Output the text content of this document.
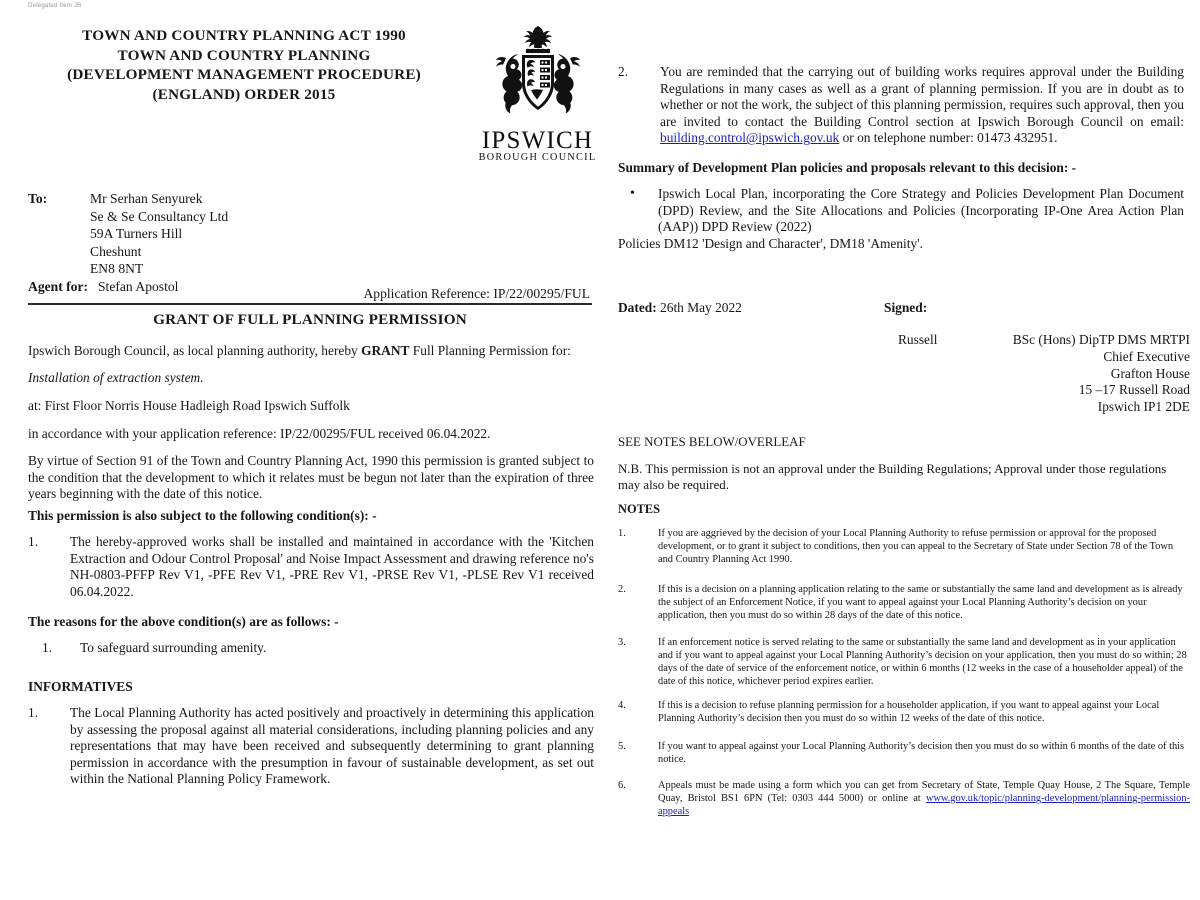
Delegated Item JB
TOWN AND COUNTRY PLANNING ACT 1990
TOWN AND COUNTRY PLANNING
(DEVELOPMENT MANAGEMENT PROCEDURE)
(ENGLAND) ORDER 2015
IPSWICH
BOROUGH COUNCIL
To:	Mr Serhan Senyurek
Se & Se Consultancy Ltd
59A Turners Hill
Cheshunt
EN8 8NT
Agent for: Stefan Apostol	Application Reference: IP/22/00295/FUL
GRANT OF FULL PLANNING PERMISSION
Ipswich Borough Council, as local planning authority, hereby GRANT Full Planning Permission for:
Installation of extraction system.
at: First Floor Norris House Hadleigh Road Ipswich Suffolk
in accordance with your application reference: IP/22/00295/FUL received 06.04.2022.
By virtue of Section 91 of the Town and Country Planning Act, 1990 this permission is granted subject to the condition that the development to which it relates must be begun not later than the expiration of three years beginning with the date of this notice.
This permission is also subject to the following condition(s): -
1.	The hereby-approved works shall be installed and maintained in accordance with the 'Kitchen Extraction and Odour Control Proposal' and Noise Impact Assessment and drawing reference no's NH-0803-PFFP Rev V1, -PFE Rev V1, -PRE Rev V1, -PRSE Rev V1, -PLSE Rev V1 received 06.04.2022.
The reasons for the above condition(s) are as follows: -
1.	To safeguard surrounding amenity.
INFORMATIVES
1.	The Local Planning Authority has acted positively and proactively in determining this application by assessing the proposal against all material considerations, including planning policies and any representations that may have been received and subsequently determining to grant planning permission in accordance with the presumption in favour of sustainable development, as set out within the National Planning Policy Framework.
2.	You are reminded that the carrying out of building works requires approval under the Building Regulations in many cases as well as a grant of planning permission. If you are in doubt as to whether or not the work, the subject of this planning permission, requires such approval, then you are invited to contact the Building Control section at Ipswich Borough Council on email: building.control@ipswich.gov.uk or on telephone number: 01473 432951.
Summary of Development Plan policies and proposals relevant to this decision: -
•	Ipswich Local Plan, incorporating the Core Strategy and Policies Development Plan Document (DPD) Review, and the Site Allocations and Policies (Incorporating IP-One Area Action Plan (AAP)) DPD Review (2022)
Policies DM12 'Design and Character', DM18 'Amenity'.
Dated: 26th May 2022	Signed:
Russell	BSc (Hons) DipTP DMS MRTPI
Chief Executive
Grafton House
15 –17 Russell Road
Ipswich IP1 2DE
SEE NOTES BELOW/OVERLEAF
N.B. This permission is not an approval under the Building Regulations; Approval under those regulations may also be required.
NOTES
1.	If you are aggrieved by the decision of your Local Planning Authority to refuse permission or approval for the proposed development, or to grant it subject to conditions, then you can appeal to the Secretary of State under Section 78 of the Town and Country Planning Act 1990.
2.	If this is a decision on a planning application relating to the same or substantially the same land and development as is already the subject of an Enforcement Notice, if you want to appeal against your Local Planning Authority’s decision on your application, then you must do so within 28 days of the date of this notice.
3.	If an enforcement notice is served relating to the same or substantially the same land and development as in your application and if you want to appeal against your Local Planning Authority’s decision on your application, then you must do so within; 28 days of the date of service of the enforcement notice, or within 6 months (12 weeks in the case of a householder appeal) of the date of this notice, whichever period expires earlier.
4.	If this is a decision to refuse planning permission for a householder application, if you want to appeal against your Local Planning Authority’s decision then you must do so within 12 weeks of the date of this notice.
5.	If you want to appeal against your Local Planning Authority’s decision then you must do so within 6 months of the date of this notice.
6.	Appeals must be made using a form which you can get from Secretary of State, Temple Quay House, 2 The Square, Temple Quay, Bristol BS1 6PN (Tel: 0303 444 5000) or online at www.gov.uk/topic/planning-development/planning-permission-appeals
